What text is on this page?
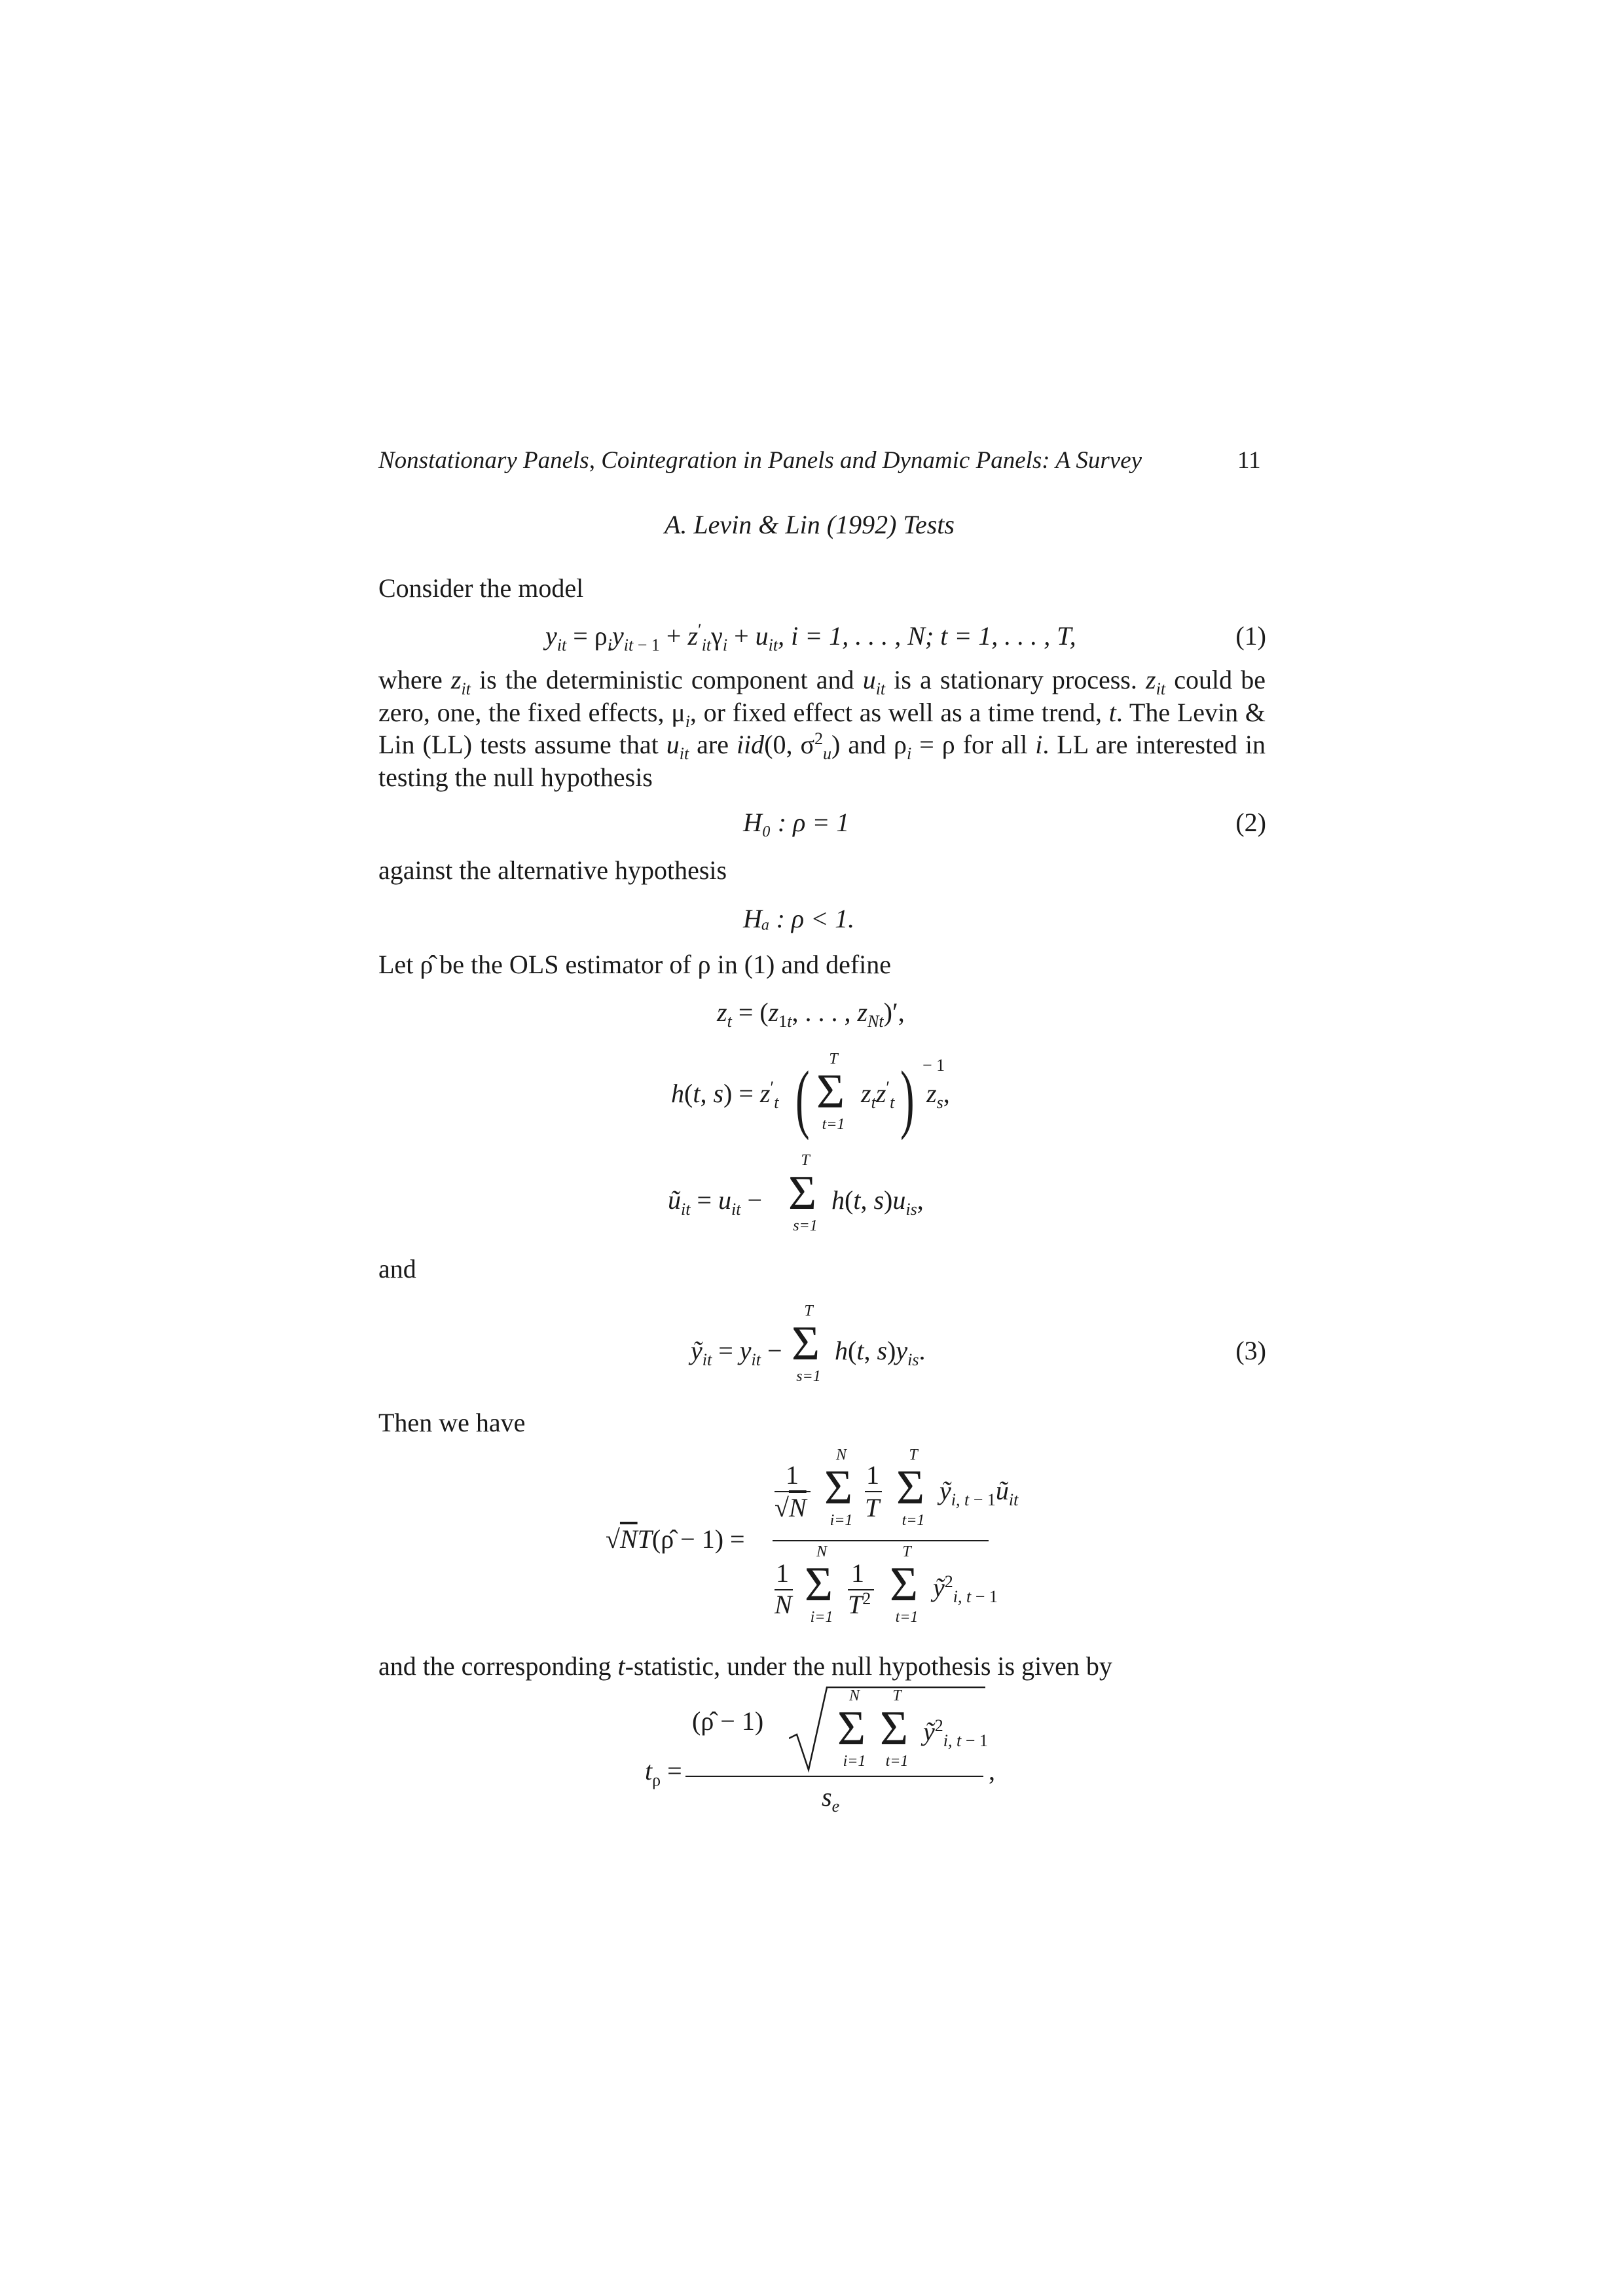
Nonstationary Panels, Cointegration in Panels and Dynamic Panels: A Survey	11
A. Levin & Lin (1992) Tests
Consider the model
$y_{it} = \rho_iy_{it}$ $_{- 1} + z'_{it}\gamma_i + u_{it}$, i = 1, . . . , N; t = 1, . . . , T,	(1)
where $z_{it}$ is the deterministic component and $u_{it}$ is a stationary process. $z_{it}$ could be zero, one, the fixed effects, $\mu_i$, or fixed effect as well as a time trend, t. The Levin & Lin (LL) tests assume that $u_{it}$ are iid(0, $\sigma^2_u$) and $\rho_i = \rho$ for all i. LL are interested in testing the null hypothesis
H₀ : ρ = 1	(2)
against the alternative hypothesis
Hₐ : ρ < 1.
Let ρ̂ be the OLS estimator of ρ in (1) and define
$z_t = (z_{1t}$, . . . , $z_{Nt})'$,
h(t, $s) = z'_t$ (	T
Σ
t=1
$z_tz'_t$ ) − 1
$z_s$,
$ũ_{it} = u_{it}$ −
T
Σ
s=1
h(t, $s)u_{is}$,
and
ỹ$_{it}$ = $y_{it}$ −
T
Σ
s=1
h(t, $s)y_{is}$.	(3)
Then we have
√NT(ρ̂ − 1) =
1
√N
N
Σ
i=1
1
T
T
Σ
t=1
ỹ$_{i, t}$ $_{- 1}ũ_{it}$
1
N
N
Σ
i=1
1
$T^2$
T
Σ
t=1
ỹ$^2_{i, t - 1}$
and the corresponding t-statistic, under the null hypothesis is given by
$t_\rho$ =
(ρ̂ − 1)
N
Σ
i=1
T
Σ
t=1
ỹ$^2_{i, t - 1}$
,
$s_e$
